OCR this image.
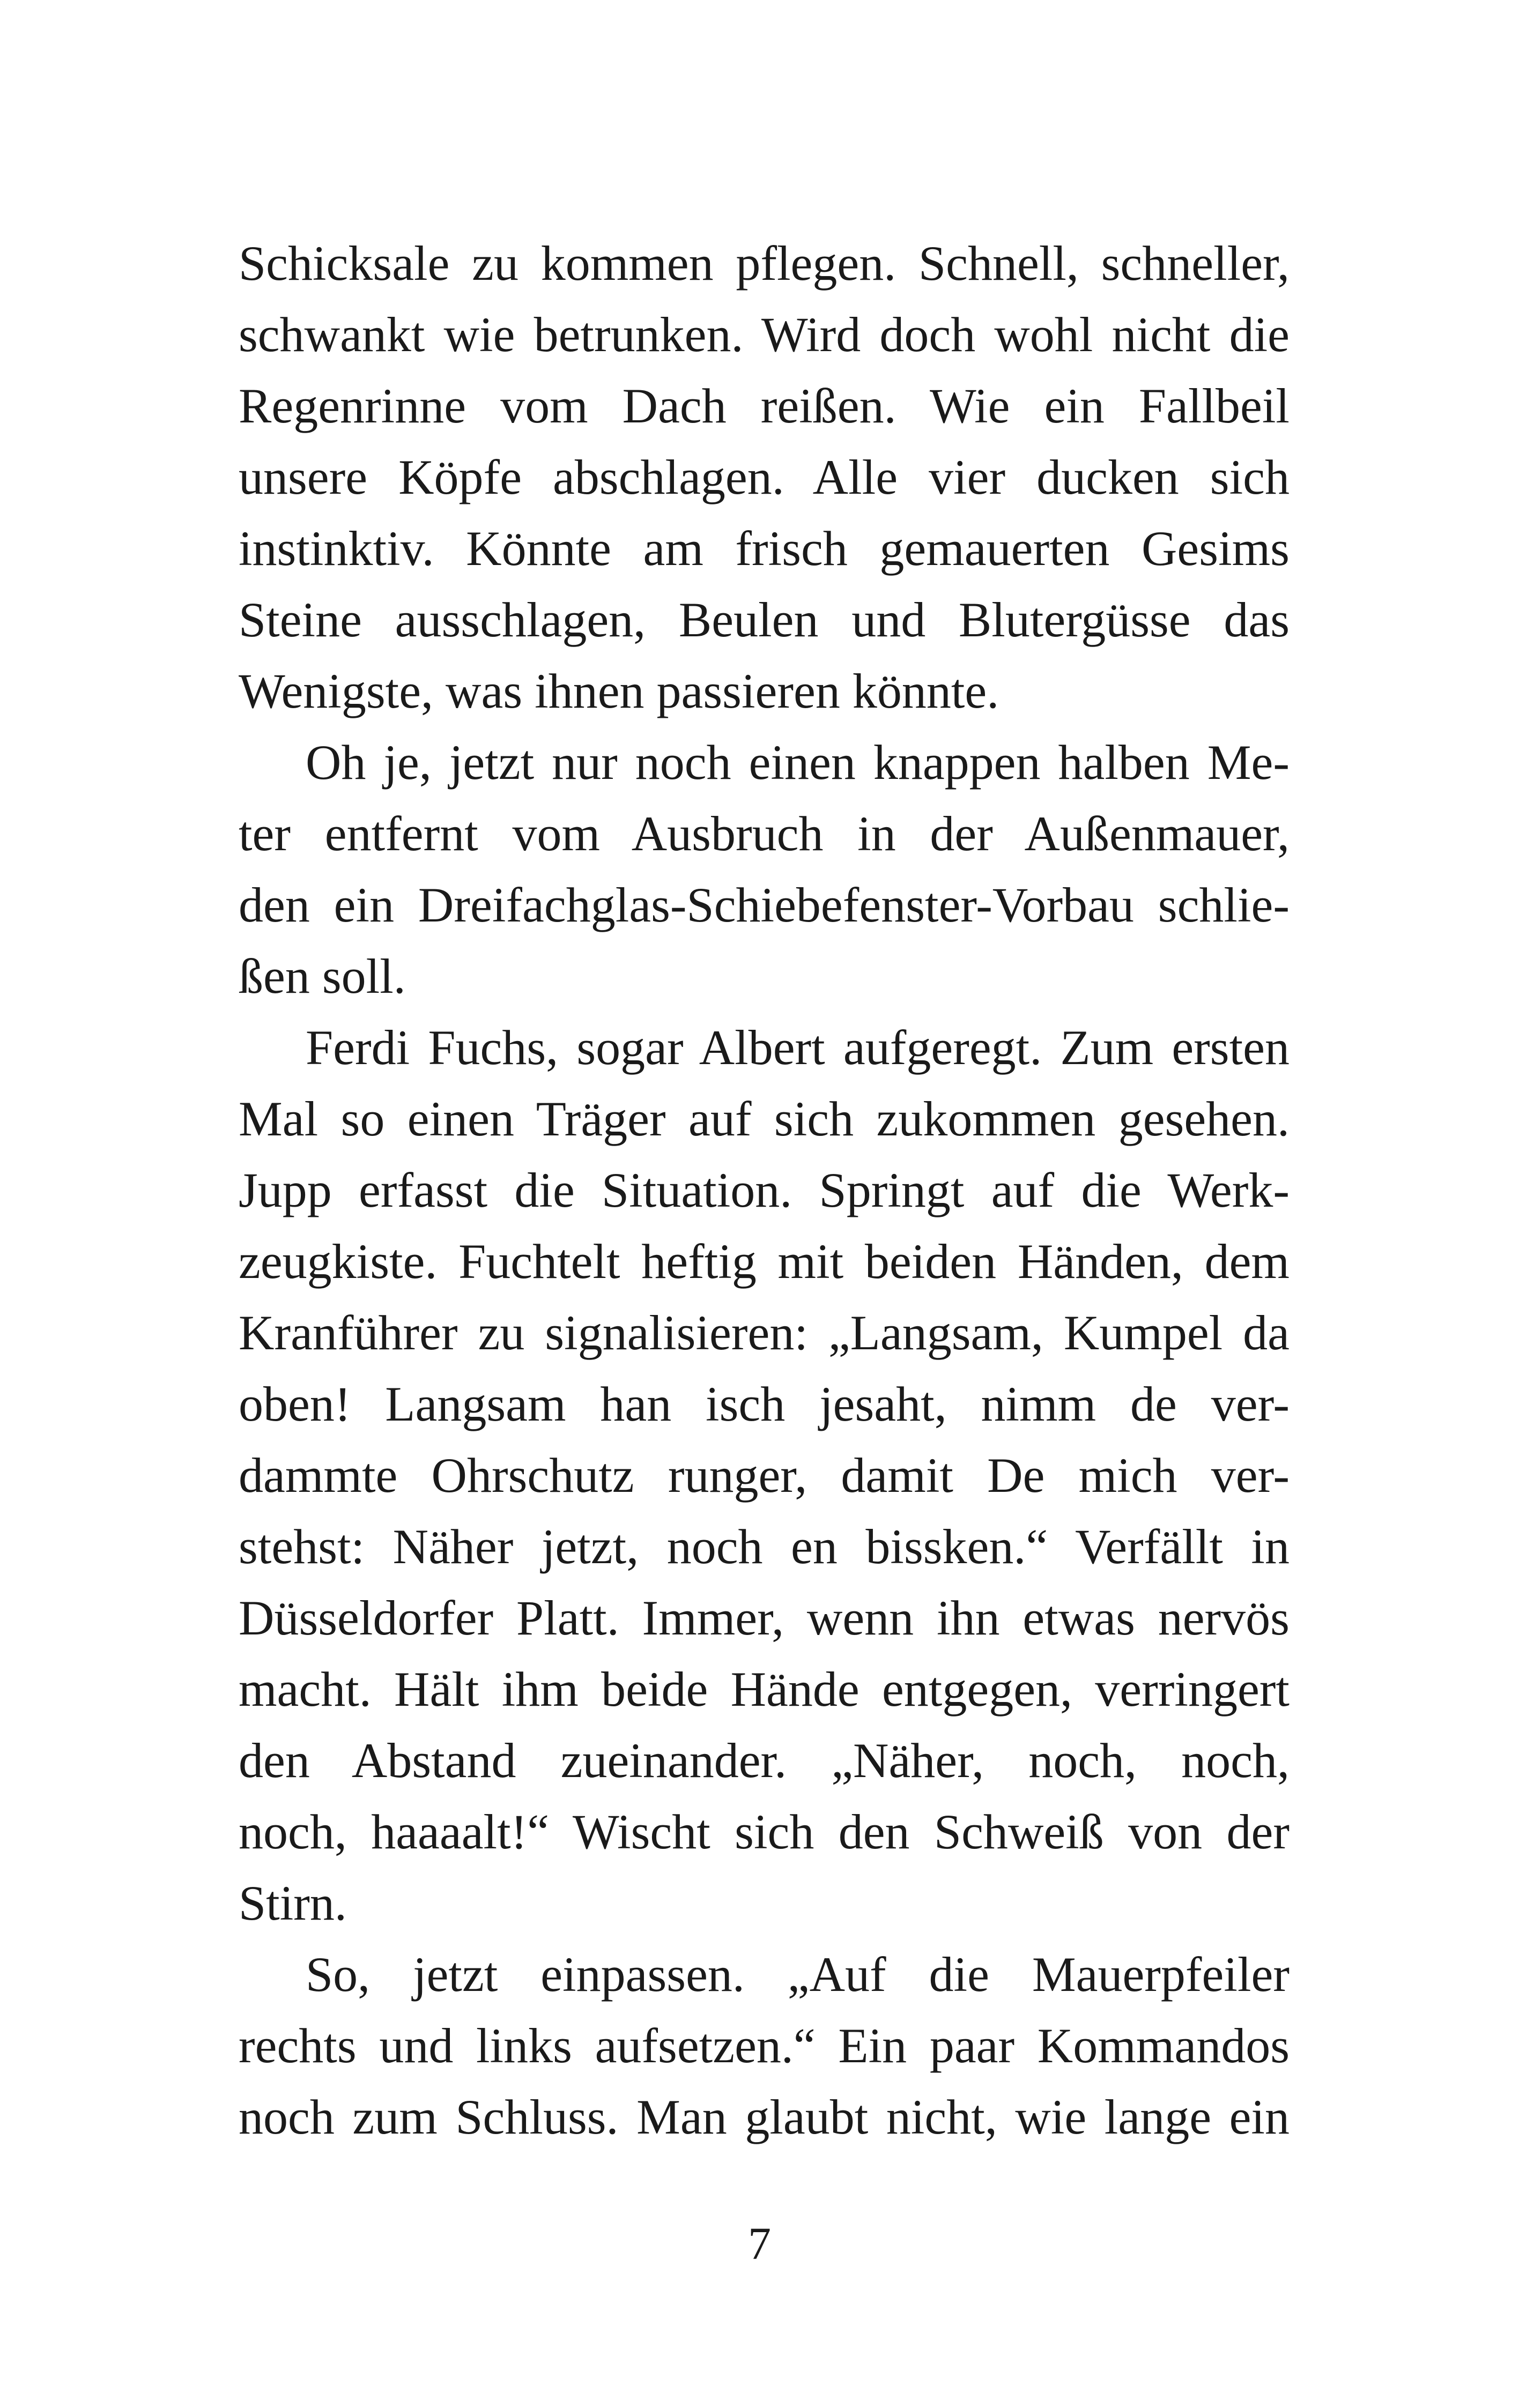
Schicksale zu kommen pflegen. Schnell, schneller,
schwankt wie betrunken. Wird doch wohl nicht die
Regenrinne vom Dach reißen. Wie ein Fallbeil
unsere Köpfe abschlagen. Alle vier ducken sich
instinktiv. Könnte am frisch gemauerten Gesims
Steine ausschlagen, Beulen und Blutergüsse das
Wenigste, was ihnen passieren könnte.
Oh je, jetzt nur noch einen knappen halben Me-
ter entfernt vom Ausbruch in der Außenmauer,
den ein Dreifachglas-Schiebefenster-Vorbau schlie-
ßen soll.
Ferdi Fuchs, sogar Albert aufgeregt. Zum ersten
Mal so einen Träger auf sich zukommen gesehen.
Jupp erfasst die Situation. Springt auf die Werk-
zeugkiste. Fuchtelt heftig mit beiden Händen, dem
Kranführer zu signalisieren: „Langsam, Kumpel da
oben! Langsam han isch jesaht, nimm de ver-
dammte Ohrschutz runger, damit De mich ver-
stehst: Näher jetzt, noch en bissken.“ Verfällt in
Düsseldorfer Platt. Immer, wenn ihn etwas nervös
macht. Hält ihm beide Hände entgegen, verringert
den Abstand zueinander. „Näher, noch, noch,
noch, haaaalt!“ Wischt sich den Schweiß von der
Stirn.
So, jetzt einpassen. „Auf die Mauerpfeiler
rechts und links aufsetzen.“ Ein paar Kommandos
noch zum Schluss. Man glaubt nicht, wie lange ein
7
